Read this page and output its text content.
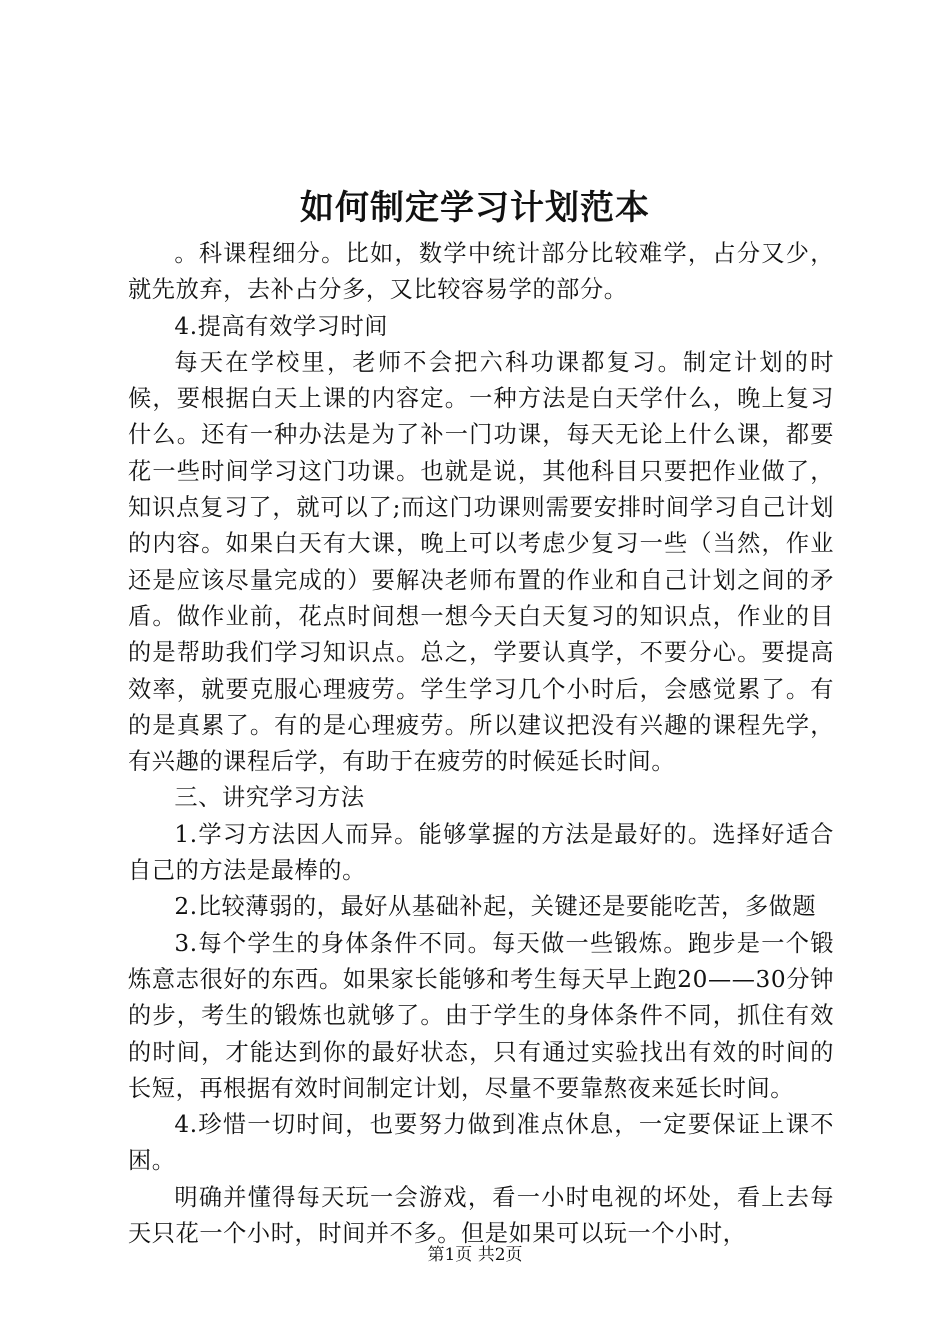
如何制定学习计划范本

。科课程细分。比如，数学中统计部分比较难学，占分又少，就先放弃，去补占分多，又比较容易学的部分。

4.提高有效学习时间

每天在学校里，老师不会把六科功课都复习。制定计划的时候，要根据白天上课的内容定。一种方法是白天学什么，晚上复习什么。还有一种办法是为了补一门功课，每天无论上什么课，都要花一些时间学习这门功课。也就是说，其他科目只要把作业做了，知识点复习了，就可以了;而这门功课则需要安排时间学习自己计划的内容。如果白天有大课，晚上可以考虑少复习一些（当然，作业还是应该尽量完成的）要解决老师布置的作业和自己计划之间的矛盾。做作业前，花点时间想一想今天白天复习的知识点，作业的目的是帮助我们学习知识点。总之，学要认真学，不要分心。要提高效率，就要克服心理疲劳。学生学习几个小时后，会感觉累了。有的是真累了。有的是心理疲劳。所以建议把没有兴趣的课程先学，有兴趣的课程后学，有助于在疲劳的时候延长时间。

三、讲究学习方法

1.学习方法因人而异。能够掌握的方法是最好的。选择好适合自己的方法是最棒的。

2.比较薄弱的，最好从基础补起，关键还是要能吃苦，多做题

3.每个学生的身体条件不同。每天做一些锻炼。跑步是一个锻炼意志很好的东西。如果家长能够和考生每天早上跑20——30分钟的步，考生的锻炼也就够了。由于学生的身体条件不同，抓住有效的时间，才能达到你的最好状态，只有通过实验找出有效的时间的长短，再根据有效时间制定计划，尽量不要靠熬夜来延长时间。

4.珍惜一切时间，也要努力做到准点休息，一定要保证上课不困。

明确并懂得每天玩一会游戏，看一小时电视的坏处，看上去每天只花一个小时，时间并不多。但是如果可以玩一个小时，

第1页 共2页
